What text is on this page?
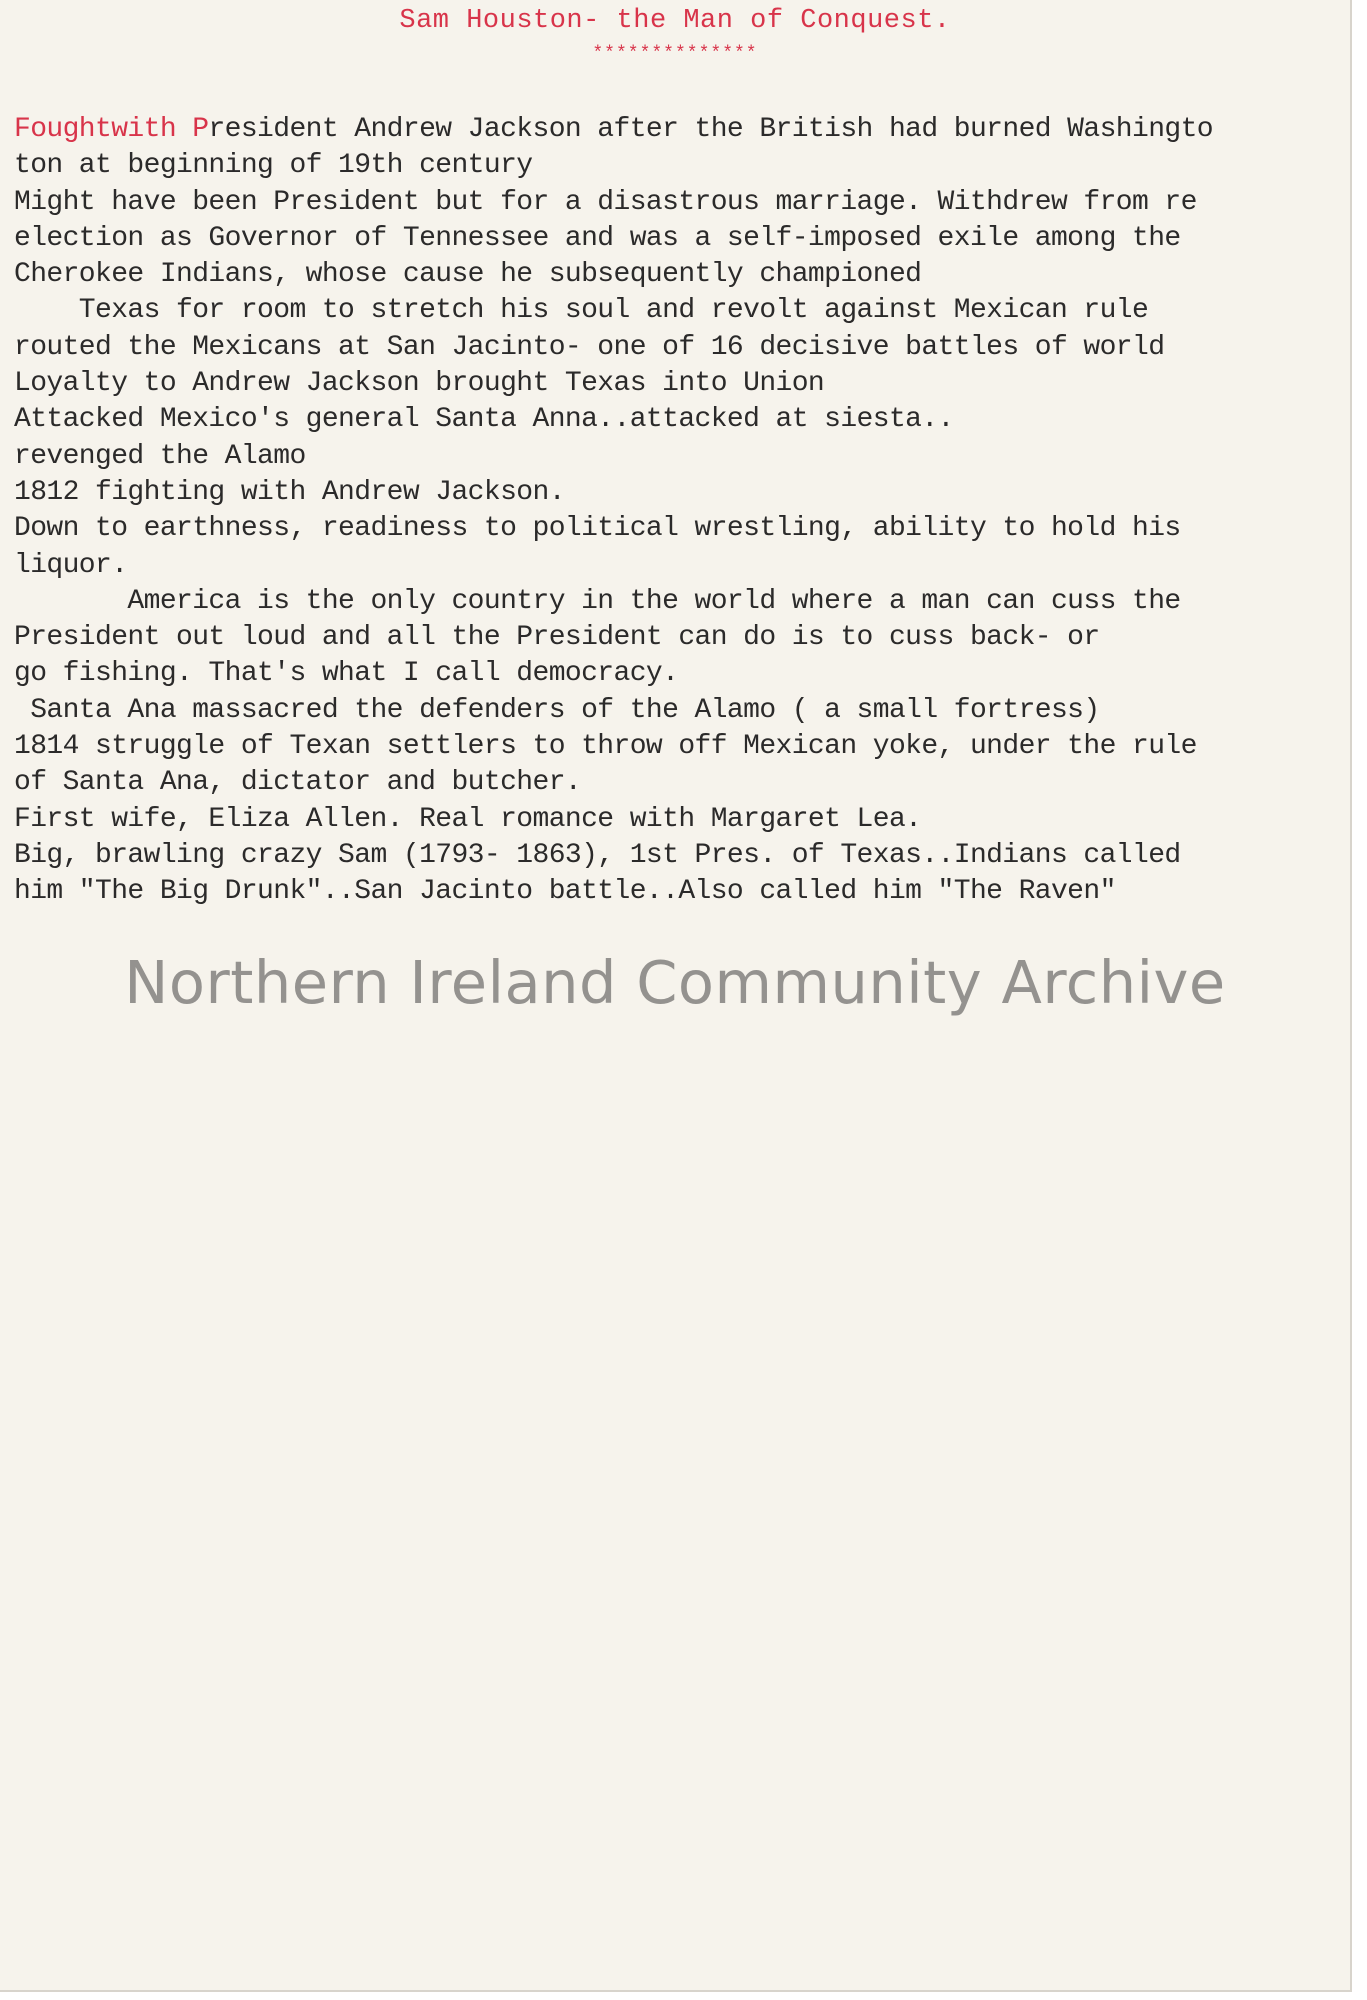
Sam Houston- the Man of Conquest.
**************
Foughtwith President Andrew Jackson after the British had burned Washingto
ton at beginning of 19th century
Might have been President but for a disastrous marriage. Withdrew from re
election as Governor of Tennessee and was a self-imposed exile among the
Cherokee Indians, whose cause he subsequently championed
Texas for room to stretch his soul and revolt against Mexican rule
routed the Mexicans at San Jacinto- one of 16 decisive battles of world
Loyalty to Andrew Jackson brought Texas into Union
Attacked Mexico's general Santa Anna..attacked at siesta..
revenged the Alamo
1812 fighting with Andrew Jackson.
Down to earthness, readiness to political wrestling, ability to hold his
liquor.
America is the only country in the world where a man can cuss the
President out loud and all the President can do is to cuss back- or
go fishing. That's what I call democracy.
Santa Ana massacred the defenders of the Alamo ( a small fortress)
1814 struggle of Texan settlers to throw off Mexican yoke, under the rule
of Santa Ana, dictator and butcher.
First wife, Eliza Allen. Real romance with Margaret Lea.
Big, brawling crazy Sam (1793- 1863), 1st Pres. of Texas..Indians called
him "The Big Drunk"..San Jacinto battle..Also called him "The Raven"
Northern Ireland Community Archive
